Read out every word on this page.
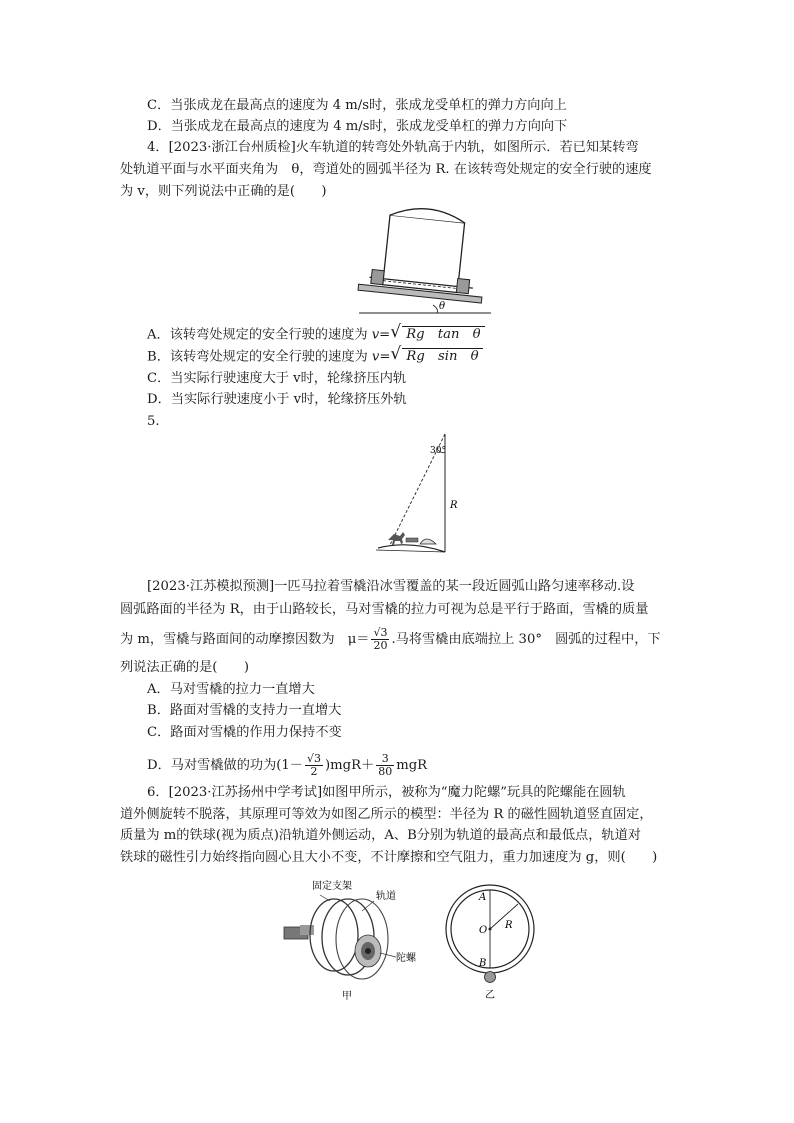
C．当张成龙在最高点的速度为 4 m/s时，张成龙受单杠的弹力方向向上
D．当张成龙在最高点的速度为 4 m/s时，张成龙受单杠的弹力方向向下
4．[2023·浙江台州质检]火车轨道的转弯处外轨高于内轨，如图所示．若已知某转弯
处轨道平面与水平面夹角为　θ，弯道处的圆弧半径为 R. 在该转弯处规定的安全行驶的速度
为 v，则下列说法中正确的是(　　)
θ
A．该转弯处规定的安全行驶的速度为 v= √ Rg　tan　θ
B．该转弯处规定的安全行驶的速度为 v= √ Rg　sin　θ
C．当实际行驶速度大于 v时，轮缘挤压内轨
D．当实际行驶速度小于 v时，轮缘挤压外轨
5.
30°
R
[2023·江苏模拟预测]一匹马拉着雪橇沿冰雪覆盖的某一段近圆弧山路匀速率移动.设
圆弧路面的半径为 R，由于山路较长，马对雪橇的拉力可视为总是平行于路面，雪橇的质量
为 m，雪橇与路面间的动摩擦因数为　$\mu= \frac{√3}{20}$ .马将雪橇由底端拉上 30°　圆弧的过程中，下
列说法正确的是(　　)
A．马对雪橇的拉力一直增大
B．路面对雪橇的支持力一直增大
C．路面对雪橇的作用力保持不变
D．马对雪橇做的功为$(1- \frac{√3}{2} )mgR+ \frac{3}{80}$ mgR
6．[2023·江苏扬州中学考试]如图甲所示，被称为“魔力陀螺”玩具的陀螺能在圆轨
道外侧旋转不脱落，其原理可等效为如图乙所示的模型：半径为 R 的磁性圆轨道竖直固定，
质量为 m的铁球(视为质点)沿轨道外侧运动，A、B分别为轨道的最高点和最低点，轨道对
铁球的磁性引力始终指向圆心且大小不变，不计摩擦和空气阻力，重力加速度为 g，则(　　)
固定支架
轨道
陀螺
甲
A
O R
B
乙
